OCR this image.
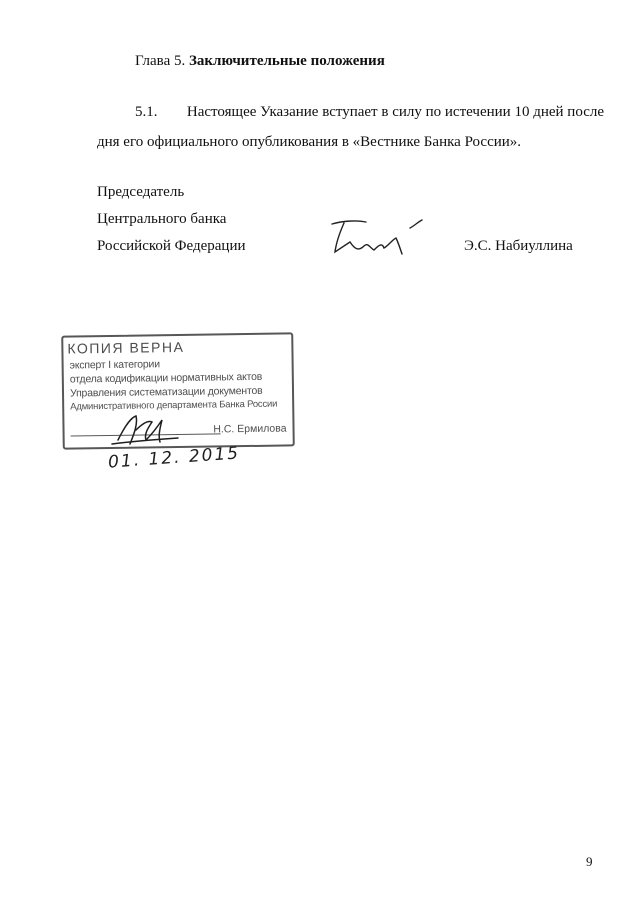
Глава 5. Заключительные положения
5.1.	Настоящее Указание вступает в силу по истечении 10 дней после
дня его официального опубликования в «Вестнике Банка России».
Председатель
Центрального банка
Российской Федерации	Э.С. Набиуллина
КОПИЯ ВЕРНА
эксперт I категории
отдела кодификации нормативных актов
Управления систематизации документов
Административного департамента Банка России
Н.С. Ермилова
01. 12. 2015
9
